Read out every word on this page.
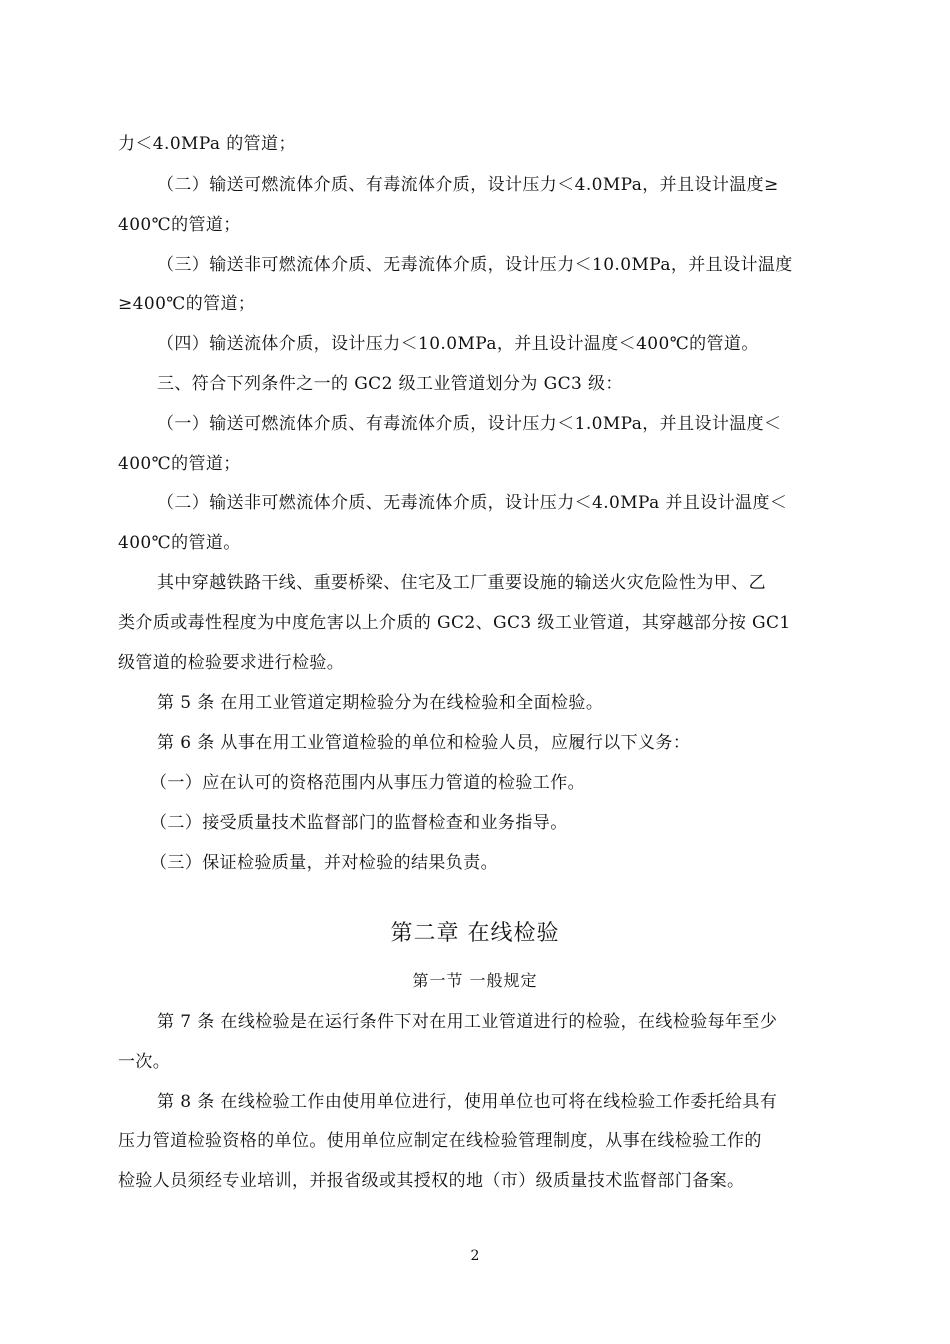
力＜4.0MPa 的管道；
（二）输送可燃流体介质、有毒流体介质，设计压力＜4.0MPa，并且设计温度≥
400℃的管道；
（三）输送非可燃流体介质、无毒流体介质，设计压力＜10.0MPa，并且设计温度
≥400℃的管道；
（四）输送流体介质，设计压力＜10.0MPa，并且设计温度＜400℃的管道。
三、符合下列条件之一的 GC2 级工业管道划分为 GC3 级：
（一）输送可燃流体介质、有毒流体介质，设计压力＜1.0MPa，并且设计温度＜
400℃的管道；
（二）输送非可燃流体介质、无毒流体介质，设计压力＜4.0MPa 并且设计温度＜
400℃的管道。
其中穿越铁路干线、重要桥梁、住宅及工厂重要设施的输送火灾危险性为甲、乙
类介质或毒性程度为中度危害以上介质的 GC2、GC3 级工业管道，其穿越部分按 GC1
级管道的检验要求进行检验。
第 5 条 在用工业管道定期检验分为在线检验和全面检验。
第 6 条 从事在用工业管道检验的单位和检验人员，应履行以下义务：
（一）应在认可的资格范围内从事压力管道的检验工作。
（二）接受质量技术监督部门的监督检查和业务指导。
（三）保证检验质量，并对检验的结果负责。
第二章 在线检验
第一节 一般规定
第 7 条 在线检验是在运行条件下对在用工业管道进行的检验，在线检验每年至少
一次。
第 8 条 在线检验工作由使用单位进行，使用单位也可将在线检验工作委托给具有
压力管道检验资格的单位。使用单位应制定在线检验管理制度，从事在线检验工作的
检验人员须经专业培训，并报省级或其授权的地（市）级质量技术监督部门备案。
2
